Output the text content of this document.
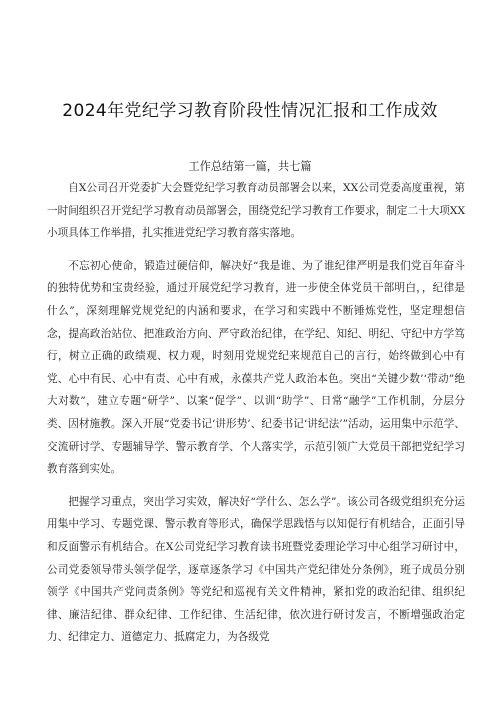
2024年党纪学习教育阶段性情况汇报和工作成效
工作总结第一篇，共七篇

自X公司召开党委扩大会暨党纪学习教育动员部署会以来，XX公司党委高度重视，第一时间组织召开党纪学习教育动员部署会，围绕党纪学习教育工作要求，制定二十大项XX小项具体工作举措，扎实推进党纪学习教育落实落地。

不忘初心使命，锻造过硬信仰，解决好“我是谁、为了谁纪律严明是我们党百年奋斗的独特优势和宝贵经验，通过开展党纪学习教育，进一步使全体党员干部明白，，纪律是什么”，深刻理解党规党纪的内涵和要求，在学习和实践中不断锤炼党性，坚定理想信念，提高政治站位、把准政治方向、严守政治纪律，在学纪、知纪、明纪、守纪中方学笃行，树立正确的政绩观、权力观，时刻用党规党纪来规范自己的言行，始终做到心中有党、心中有民、心中有责、心中有戒，永葆共产党人政治本色。突出“关键少数’‘带动”绝大对数”，建立专题“研学”、以案“促学”、以训“助学”、日常“融学”工作机制，分层分类、因材施教。深入开展“党委书记‘讲形势’、纪委书记‘讲纪法’”活动，运用集中示范学、交流研讨学、专题辅导学、警示教育学、个人落实学，示范引领广大党员干部把党纪学习教育落到实处。

把握学习重点，突出学习实效，解决好“学什么、怎么学”。该公司各级党组织充分运用集中学习、专题党课、警示教育等形式，确保学思践悟与以知促行有机结合，正面引导和反面警示有机结合。在X公司党纪学习教育读书班暨党委理论学习中心组学习研讨中，公司党委领导带头领学促学，逐章逐条学习《中国共产党纪律处分条例》，班子成员分别领学《中国共产党问责条例》等党纪和巡视有关文件精神，紧扣党的政治纪律、组织纪律、廉洁纪律、群众纪律、工作纪律、生活纪律，依次进行研讨发言，不断增强政治定力、纪律定力、道德定力、抵腐定力，为各级党
